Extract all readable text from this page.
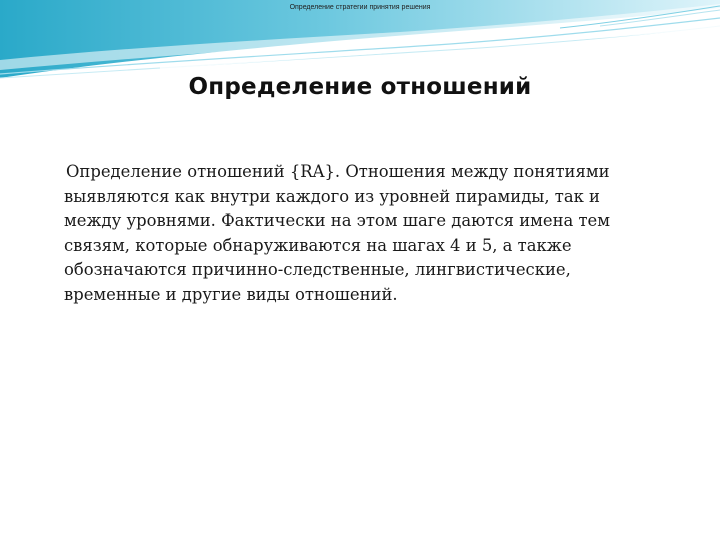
Определение стратегии принятия решения
Определение отношений

Определение отношений {RA}. Отношения между понятиями выявляются как внутри каждого из уровней пирамиды, так и между уровнями. Фактически на этом шаге даются имена тем связям, которые обнаруживаются на шагах 4 и 5, а также обозначаются причинно-следственные, лингвистические, временные и другие виды отношений.
